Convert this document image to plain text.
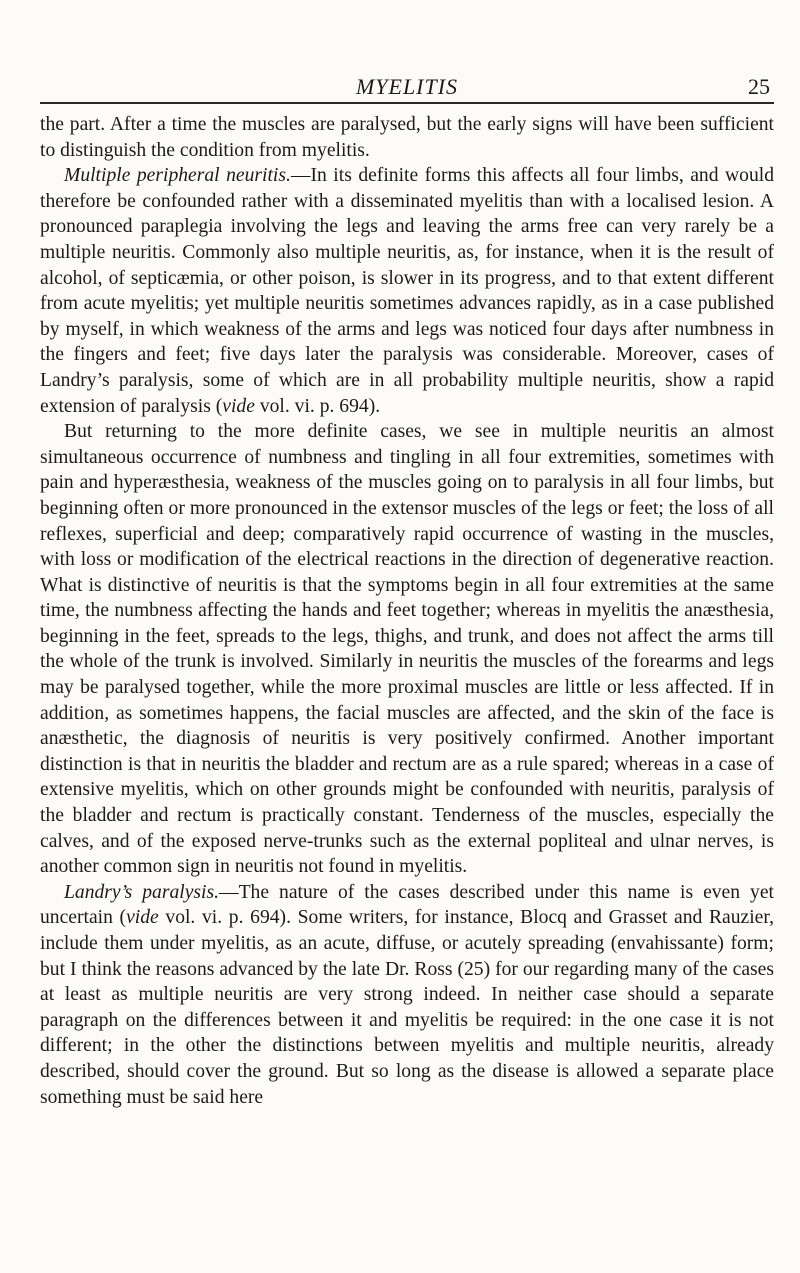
MYELITIS	25

the part. After a time the muscles are paralysed, but the early signs will have been sufficient to distinguish the condition from myelitis.

Multiple peripheral neuritis.—In its definite forms this affects all four limbs, and would therefore be confounded rather with a disseminated myelitis than with a localised lesion. A pronounced paraplegia involving the legs and leaving the arms free can very rarely be a multiple neuritis. Commonly also multiple neuritis, as, for instance, when it is the result of alcohol, of septicæmia, or other poison, is slower in its progress, and to that extent different from acute myelitis; yet multiple neuritis sometimes advances rapidly, as in a case published by myself, in which weakness of the arms and legs was noticed four days after numbness in the fingers and feet; five days later the paralysis was considerable. Moreover, cases of Landry’s paralysis, some of which are in all probability multiple neuritis, show a rapid extension of paralysis (vide vol. vi. p. 694).

But returning to the more definite cases, we see in multiple neuritis an almost simultaneous occurrence of numbness and tingling in all four extremities, sometimes with pain and hyperæsthesia, weakness of the muscles going on to paralysis in all four limbs, but beginning often or more pronounced in the extensor muscles of the legs or feet; the loss of all reflexes, superficial and deep; comparatively rapid occurrence of wasting in the muscles, with loss or modification of the electrical reactions in the direction of degenerative reaction. What is distinctive of neuritis is that the symptoms begin in all four extremities at the same time, the numbness affecting the hands and feet together; whereas in myelitis the anæsthesia, beginning in the feet, spreads to the legs, thighs, and trunk, and does not affect the arms till the whole of the trunk is involved. Similarly in neuritis the muscles of the forearms and legs may be paralysed together, while the more proximal muscles are little or less affected. If in addition, as sometimes happens, the facial muscles are affected, and the skin of the face is anæsthetic, the diagnosis of neuritis is very positively confirmed. Another important distinction is that in neuritis the bladder and rectum are as a rule spared; whereas in a case of extensive myelitis, which on other grounds might be confounded with neuritis, paralysis of the bladder and rectum is practically constant. Tenderness of the muscles, especially the calves, and of the exposed nerve-trunks such as the external popliteal and ulnar nerves, is another common sign in neuritis not found in myelitis.

Landry’s paralysis.—The nature of the cases described under this name is even yet uncertain (vide vol. vi. p. 694). Some writers, for instance, Blocq and Grasset and Rauzier, include them under myelitis, as an acute, diffuse, or acutely spreading (envahissante) form; but I think the reasons advanced by the late Dr. Ross (25) for our regarding many of the cases at least as multiple neuritis are very strong indeed. In neither case should a separate paragraph on the differences between it and myelitis be required: in the one case it is not different; in the other the distinctions between myelitis and multiple neuritis, already described, should cover the ground. But so long as the disease is allowed a separate place something must be said here
